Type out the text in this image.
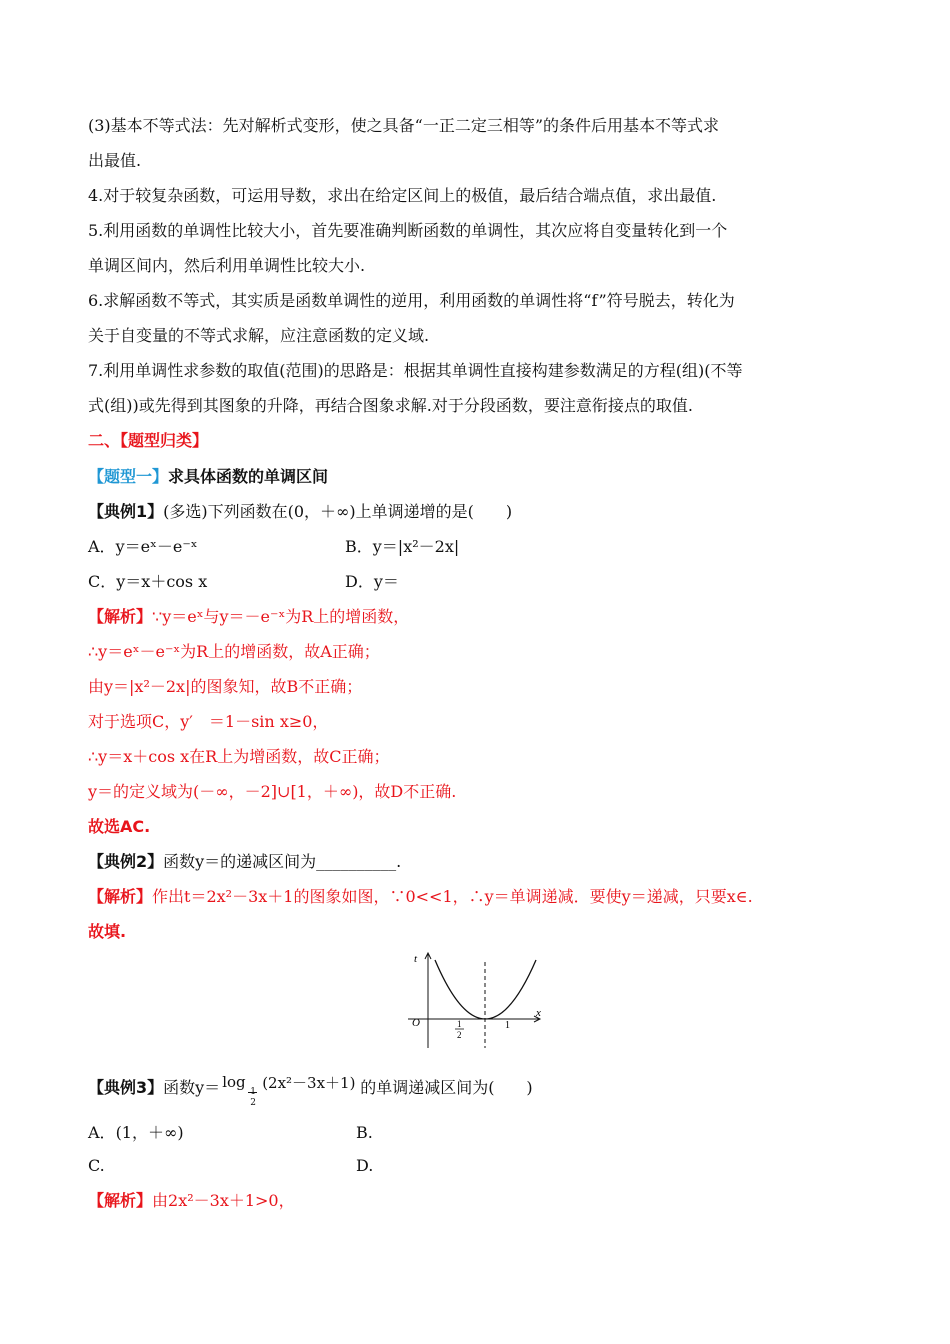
(3)基本不等式法：先对解析式变形，使之具备“一正二定三相等”的条件后用基本不等式求
出最值.
4.对于较复杂函数，可运用导数，求出在给定区间上的极值，最后结合端点值，求出最值.
5.利用函数的单调性比较大小，首先要准确判断函数的单调性，其次应将自变量转化到一个
单调区间内，然后利用单调性比较大小.
6.求解函数不等式，其实质是函数单调性的逆用，利用函数的单调性将“f”符号脱去，转化为
关于自变量的不等式求解，应注意函数的定义域.
7.利用单调性求参数的取值(范围)的思路是：根据其单调性直接构建参数满足的方程(组)(不等
式(组))或先得到其图象的升降，再结合图象求解.对于分段函数，要注意衔接点的取值.
二、【题型归类】
【题型一】求具体函数的单调区间
【典例1】(多选)下列函数在(0，＋∞)上单调递增的是(　　)
A．y＝eˣ－e⁻ˣ	B．y＝|x²－2x|
C．y＝x＋cos x	D．y＝
【解析】∵y＝eˣ与y＝－e⁻ˣ为R上的增函数，
∴y＝eˣ－e⁻ˣ为R上的增函数，故A正确；
由y＝|x²－2x|的图象知，故B不正确；
对于选项C，y′　＝1－sin x≥0，
∴y＝x＋cos x在R上为增函数，故C正确；
y＝的定义域为(－∞，－2]∪[1，＋∞)，故D不正确.
故选AC.
【典例2】函数y＝的递减区间为__________.
【解析】作出t＝2x²－3x＋1的图象如图，∵0<<1，∴y＝单调递减．要使y＝递减，只要x∈.
故填.
t
x
O	1
2
1
【典例3】函数y＝ log
1
2
(2x²－3x＋1) 的单调递减区间为(　　)
A．(1，＋∞)	B.
C.	D.
【解析】由2x²－3x＋1>0，
